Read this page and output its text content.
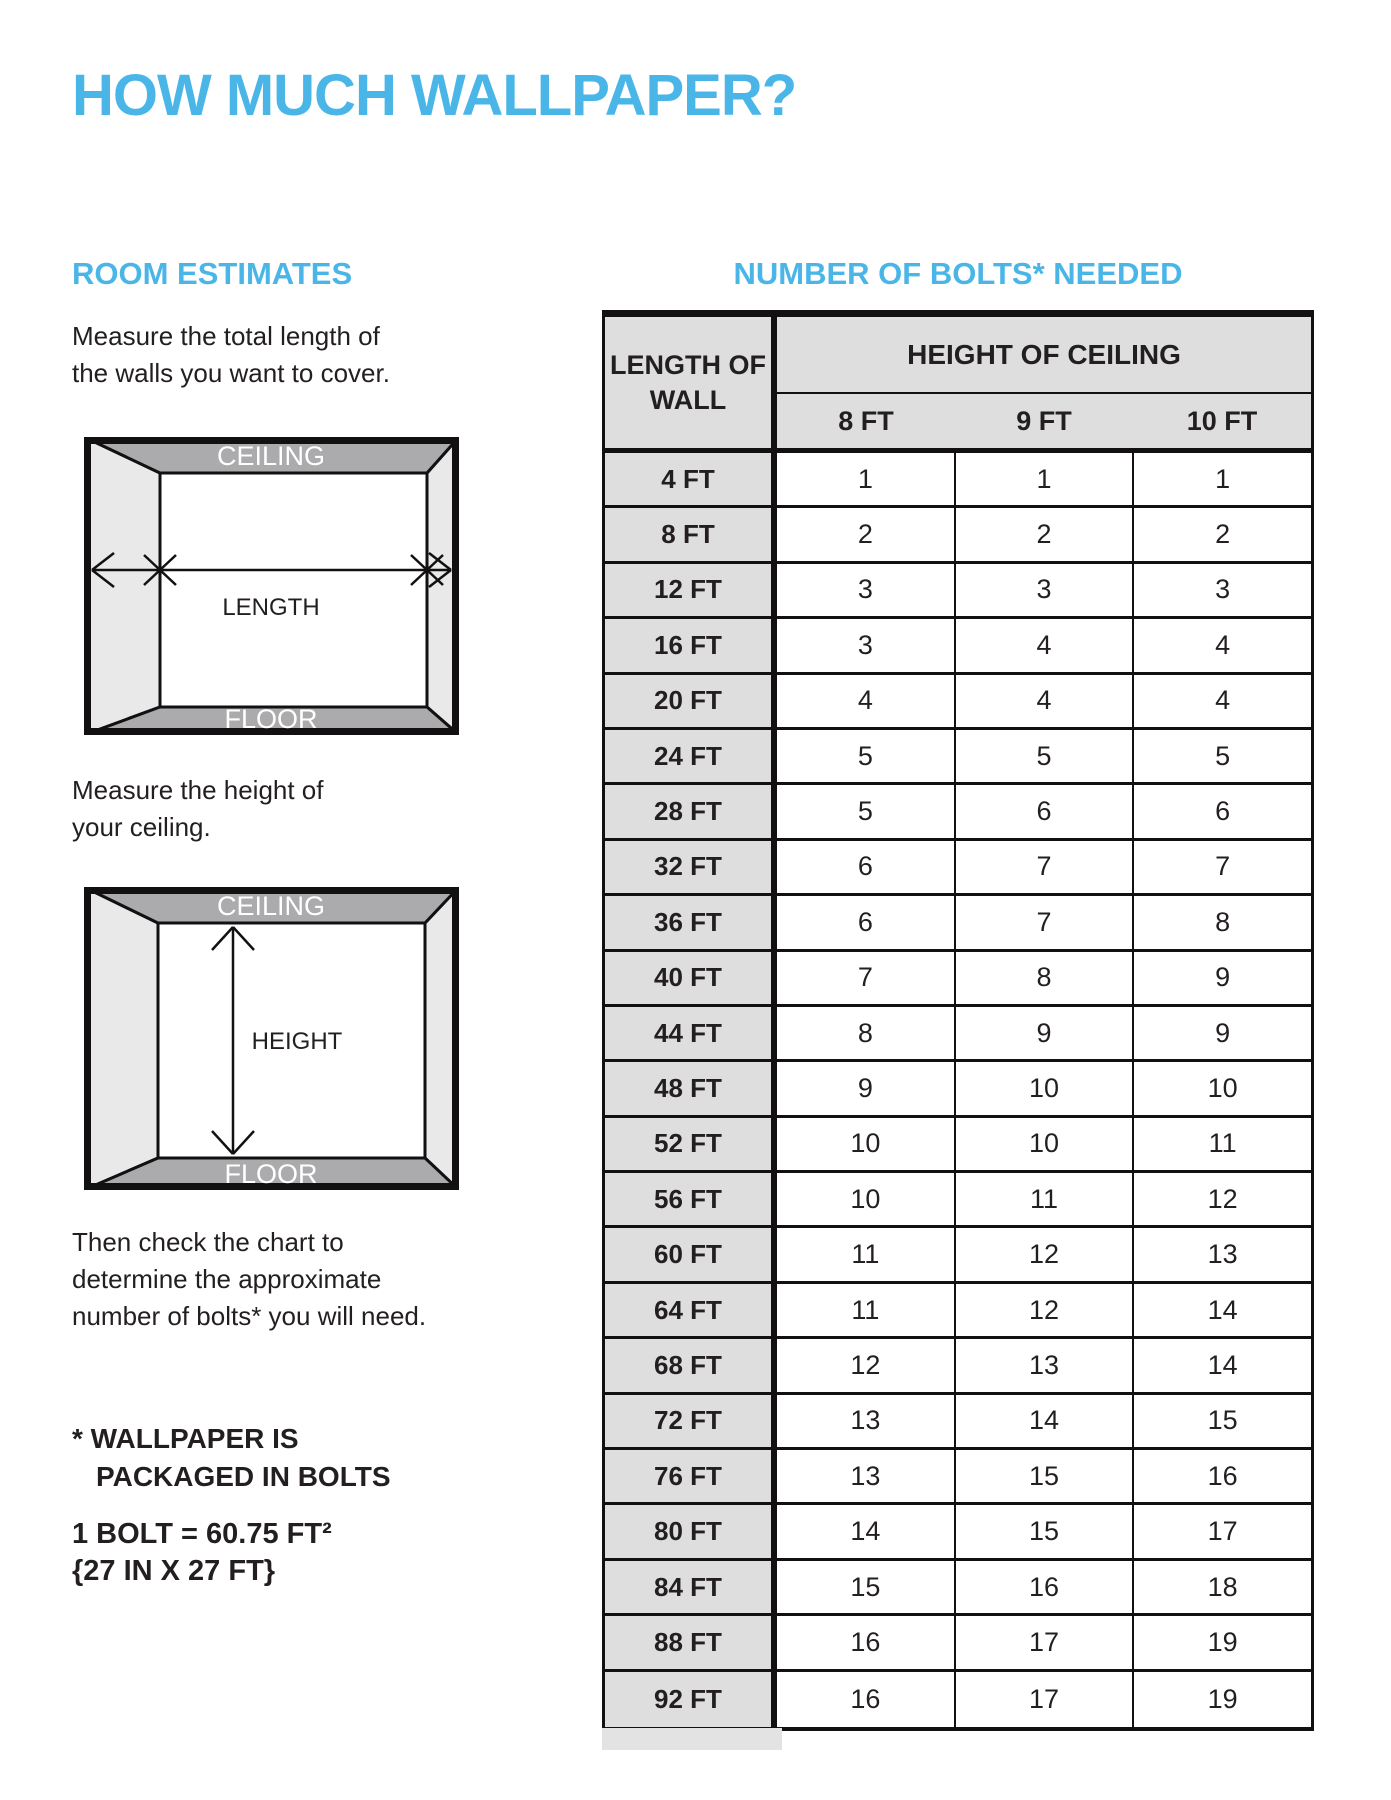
HOW MUCH WALLPAPER?
ROOM ESTIMATES
Measure the total length of
the walls you want to cover.
CEILING
FLOOR
LENGTH
Measure the height of
your ceiling.
CEILING
FLOOR
HEIGHT
Then check the chart to
determine the approximate
number of bolts* you will need.
* WALLPAPER IS
PACKAGED IN BOLTS
1 BOLT = 60.75 FT²
{27 IN X 27 FT}
NUMBER OF BOLTS* NEEDED
LENGTH OF WALL
HEIGHT OF CEILING
8 FT	9 FT	10 FT
4 FT	1	1	1
8 FT	2	2	2
12 FT	3	3	3
16 FT	3	4	4
20 FT	4	4	4
24 FT	5	5	5
28 FT	5	6	6
32 FT	6	7	7
36 FT	6	7	8
40 FT	7	8	9
44 FT	8	9	9
48 FT	9	10	10
52 FT	10	10	11
56 FT	10	11	12
60 FT	11	12	13
64 FT	11	12	14
68 FT	12	13	14
72 FT	13	14	15
76 FT	13	15	16
80 FT	14	15	17
84 FT	15	16	18
88 FT	16	17	19
92 FT	16	17	19
